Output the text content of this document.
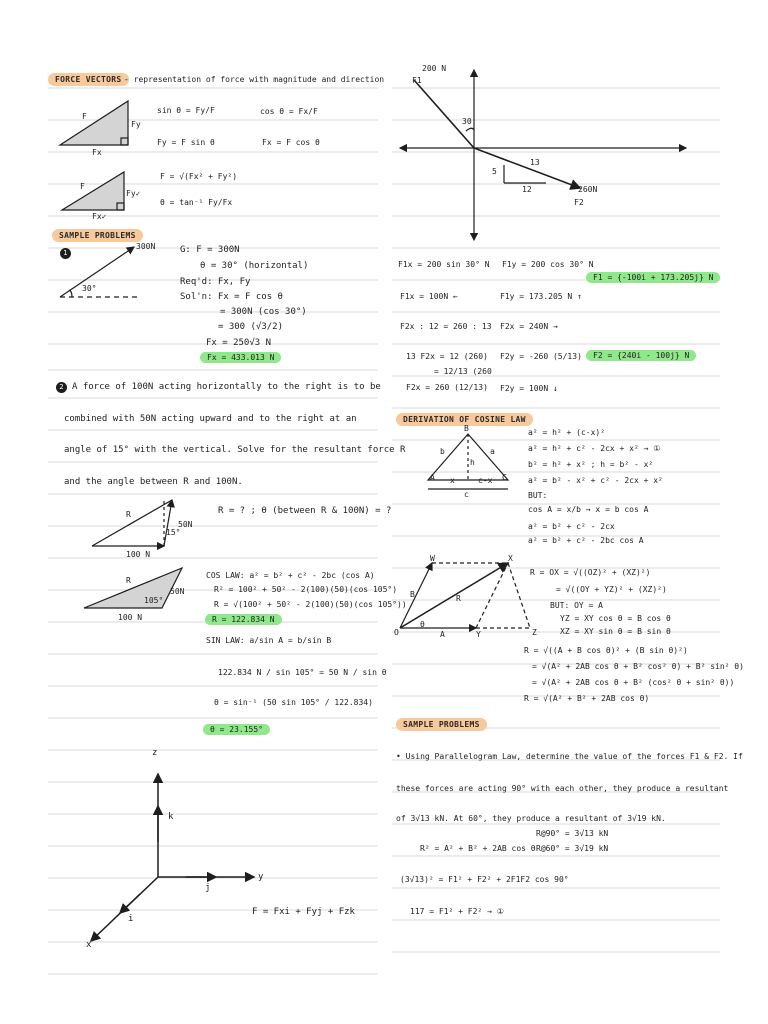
FORCE VECTORS - representation of force with magnitude and direction
F
Fy
Fx
sin θ = Fy/F	cos θ = Fx/F
Fy = F sin θ	Fx = F cos θ
F
Fy✓
Fx✓
F = √(Fx² + Fy²)
θ = tan⁻¹ Fy/Fx
SAMPLE PROBLEMS
1
300N
30°
G: F = 300N
θ = 30° (horizontal)
Req'd: Fx, Fy
Sol'n: Fx = F cos θ
= 300N (cos 30°)
= 300 (√3/2)
Fx = 250√3 N
Fx = 433.013 N
2 A force of 100N acting horizontally to the right is to be
combined with 50N acting upward and to the right at an
angle of 15° with the vertical. Solve for the resultant force R
and the angle between R and 100N.
R
50N
15°
100 N
R = ? ; θ (between R & 100N) = ?
R
50N
105°
100 N
COS LAW: a² = b² + c² - 2bc (cos A)
R² = 100² + 50² - 2(100)(50)(cos 105°)
R = √(100² + 50² - 2(100)(50)(cos 105°))
R = 122.834 N
SIN LAW: a/sin A = b/sin B
122.834 N / sin 105° = 50 N / sin θ
θ = sin⁻¹ (50 sin 105° / 122.834)
θ = 23.155°
z
k
y
j
i
x
F = Fxi + Fyj + Fzk
200 N
F1
30
13
5
12	260N
F2
F1x = 200 sin 30° N F1y = 200 cos 30° N
F1 = {-100i + 173.205j} N
F1x = 100N ←	F1y = 173.205 N ↑
F2x : 12 = 260 : 13 F2x = 240N →
13 F2x = 12 (260)
= 12/13 (260
F2x = 260 (12/13)
F2y = -260 (5/13)	F2 = {240i - 100j} N
F2y = 100N ↓
DERIVATION OF COSINE LAW
B
b	a
h
A x	c-x C
c
a² = h² + (c-x)²
a² = h² + c² - 2cx + x² → ①
b² = h² + x² ; h = b² - x²
a² = b² - x² + c² - 2cx + x²
BUT:
cos A = x/b → x = b cos A
a² = b² + c² - 2cx
a² = b² + c² - 2bc cos A
W	X
B	R
θ
O	A	Y	Z
R = OX = √((OZ)² + (XZ)²)
= √((OY + YZ)² + (XZ)²)
BUT: OY = A
YZ = XY cos θ = B cos θ
XZ = XY sin θ = B sin θ
R = √((A + B cos θ)² + (B sin θ)²)
= √(A² + 2AB cos θ + B² cos² θ) + B² sin² θ)
= √(A² + 2AB cos θ + B² (cos² θ + sin² θ))
R = √(A² + B² + 2AB cos θ)
SAMPLE PROBLEMS
• Using Parallelogram Law, determine the value of the forces F1 & F2. If
these forces are acting 90° with each other, they produce a resultant
of 3√13 kN. At 60°, they produce a resultant of 3√19 kN.
R@90° = 3√13 kN
R@60° = 3√19 kN
R² = A² + B² + 2AB cos θ
(3√13)² = F1² + F2² + 2F1F2 cos 90°
117 = F1² + F2² → ①
